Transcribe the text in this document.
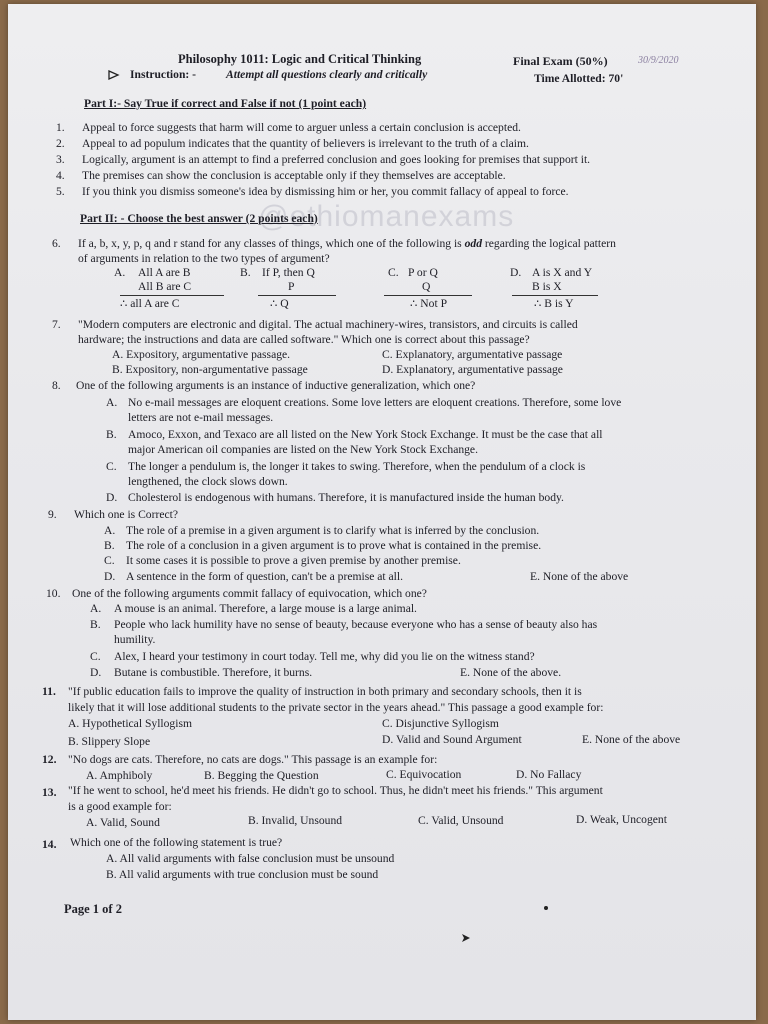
@ethiomanexams
Philosophy 1011: Logic and Critical Thinking	Final Exam (50%)	30/9/2020
Instruction: -	Attempt all questions clearly and critically	Time Allotted: 70'
Part I:- Say True if correct and False if not (1 point each)
1. Appeal to force suggests that harm will come to arguer unless a certain conclusion is accepted.
2. Appeal to ad populum indicates that the quantity of believers is irrelevant to the truth of a claim.
3. Logically, argument is an attempt to find a preferred conclusion and goes looking for premises that support it.
4. The premises can show the conclusion is acceptable only if they themselves are acceptable.
5. If you think you dismiss someone's idea by dismissing him or her, you commit fallacy of appeal to force.
Part II: - Choose the best answer (2 points each)
6. If a, b, x, y, p, q and r stand for any classes of things, which one of the following is odd regarding the logical pattern
of arguments in relation to the two types of argument?
A. All A are B
All B are C
∴ all A are C
B. If P, then Q
P
∴ Q
C. P or Q
Q
∴ Not P
D. A is X and Y
B is X
∴ B is Y
7. "Modern computers are electronic and digital. The actual machinery-wires, transistors, and circuits is called
hardware; the instructions and data are called software." Which one is correct about this passage?
A. Expository, argumentative passage.	C. Explanatory, argumentative passage
B. Expository, non-argumentative passage	D. Explanatory, argumentative passage
8. One of the following arguments is an instance of inductive generalization, which one?
A. No e-mail messages are eloquent creations. Some love letters are eloquent creations. Therefore, some love
letters are not e-mail messages.
B. Amoco, Exxon, and Texaco are all listed on the New York Stock Exchange. It must be the case that all
major American oil companies are listed on the New York Stock Exchange.
C. The longer a pendulum is, the longer it takes to swing. Therefore, when the pendulum of a clock is
lengthened, the clock slows down.
D. Cholesterol is endogenous with humans. Therefore, it is manufactured inside the human body.
9. Which one is Correct?
A. The role of a premise in a given argument is to clarify what is inferred by the conclusion.
B. The role of a conclusion in a given argument is to prove what is contained in the premise.
C. It some cases it is possible to prove a given premise by another premise.
D. A sentence in the form of question, can't be a premise at all.	E. None of the above
10. One of the following arguments commit fallacy of equivocation, which one?
A. A mouse is an animal. Therefore, a large mouse is a large animal.
B. People who lack humility have no sense of beauty, because everyone who has a sense of beauty also has
humility.
C. Alex, I heard your testimony in court today. Tell me, why did you lie on the witness stand?
D. Butane is combustible. Therefore, it burns.	E. None of the above.
11. "If public education fails to improve the quality of instruction in both primary and secondary schools, then it is
likely that it will lose additional students to the private sector in the years ahead." This passage a good example for:
A. Hypothetical Syllogism	C. Disjunctive Syllogism
B. Slippery Slope	D. Valid and Sound Argument	E. None of the above
12. "No dogs are cats. Therefore, no cats are dogs." This passage is an example for:
A. Amphiboly	B. Begging the Question	C. Equivocation	D. No Fallacy
13. "If he went to school, he'd meet his friends. He didn't go to school. Thus, he didn't meet his friends." This argument
is a good example for:
A. Valid, Sound	B. Invalid, Unsound	C. Valid, Unsound	D. Weak, Uncogent
14. Which one of the following statement is true?
A. All valid arguments with false conclusion must be unsound
B. All valid arguments with true conclusion must be sound
Page 1 of 2
